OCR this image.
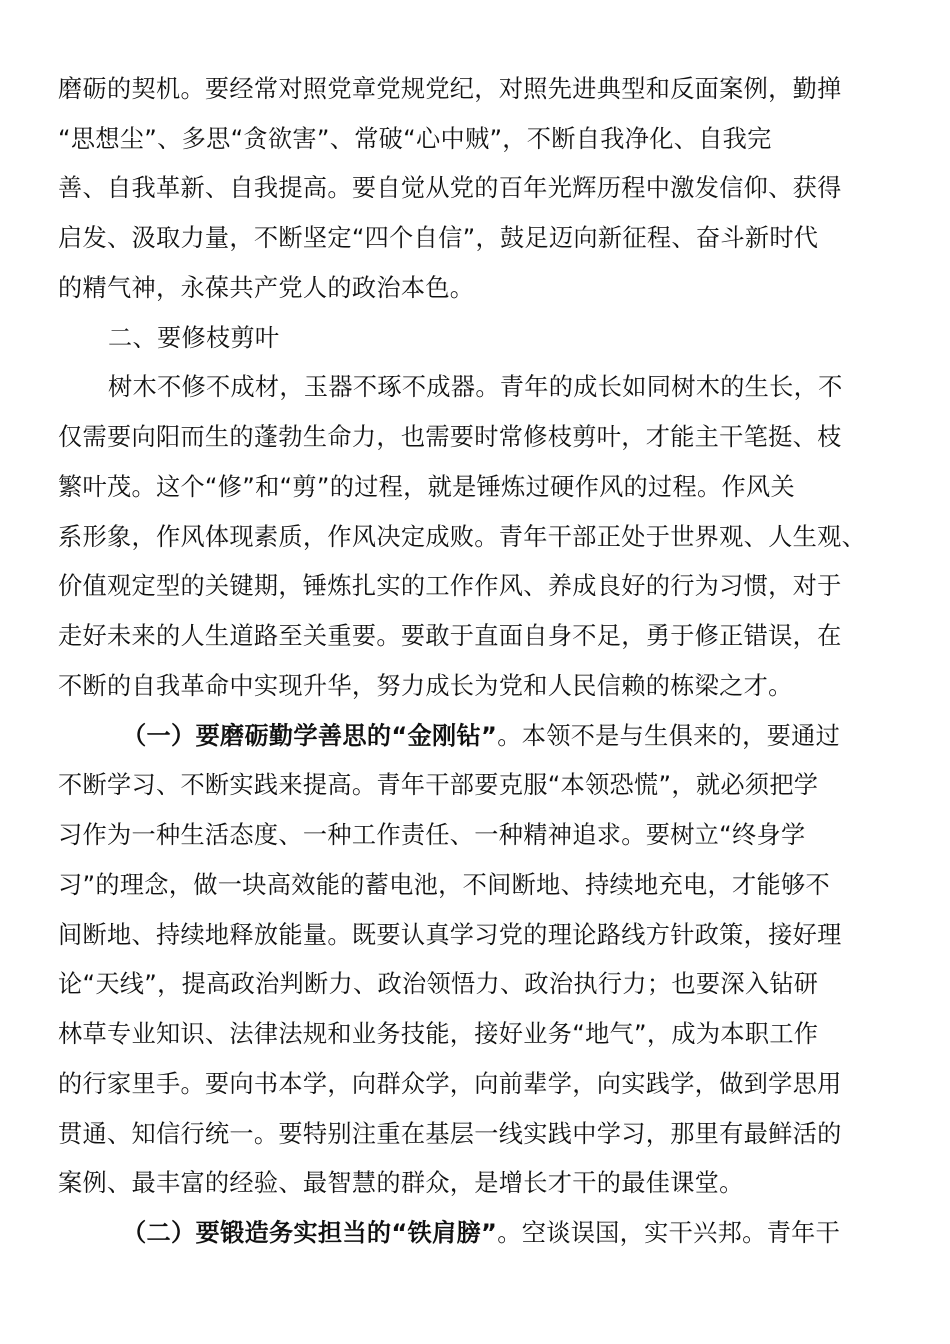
磨砺的契机。要经常对照党章党规党纪，对照先进典型和反面案例，勤掸
“思想尘”、多思“贪欲害”、常破“心中贼”，不断自我净化、自我完
善、自我革新、自我提高。要自觉从党的百年光辉历程中激发信仰、获得
启发、汲取力量，不断坚定“四个自信”，鼓足迈向新征程、奋斗新时代
的精气神，永葆共产党人的政治本色。
二、要修枝剪叶
树木不修不成材，玉器不琢不成器。青年的成长如同树木的生长，不
仅需要向阳而生的蓬勃生命力，也需要时常修枝剪叶，才能主干笔挺、枝
繁叶茂。这个“修”和“剪”的过程，就是锤炼过硬作风的过程。作风关
系形象，作风体现素质，作风决定成败。青年干部正处于世界观、人生观、
价值观定型的关键期，锤炼扎实的工作作风、养成良好的行为习惯，对于
走好未来的人生道路至关重要。要敢于直面自身不足，勇于修正错误，在
不断的自我革命中实现升华，努力成长为党和人民信赖的栋梁之才。
（一）要磨砺勤学善思的“金刚钻”。本领不是与生俱来的，要通过
不断学习、不断实践来提高。青年干部要克服“本领恐慌”，就必须把学
习作为一种生活态度、一种工作责任、一种精神追求。要树立“终身学
习”的理念，做一块高效能的蓄电池，不间断地、持续地充电，才能够不
间断地、持续地释放能量。既要认真学习党的理论路线方针政策，接好理
论“天线”，提高政治判断力、政治领悟力、政治执行力；也要深入钻研
林草专业知识、法律法规和业务技能，接好业务“地气”，成为本职工作
的行家里手。要向书本学，向群众学，向前辈学，向实践学，做到学思用
贯通、知信行统一。要特别注重在基层一线实践中学习，那里有最鲜活的
案例、最丰富的经验、最智慧的群众，是增长才干的最佳课堂。
（二）要锻造务实担当的“铁肩膀”。空谈误国，实干兴邦。青年干
